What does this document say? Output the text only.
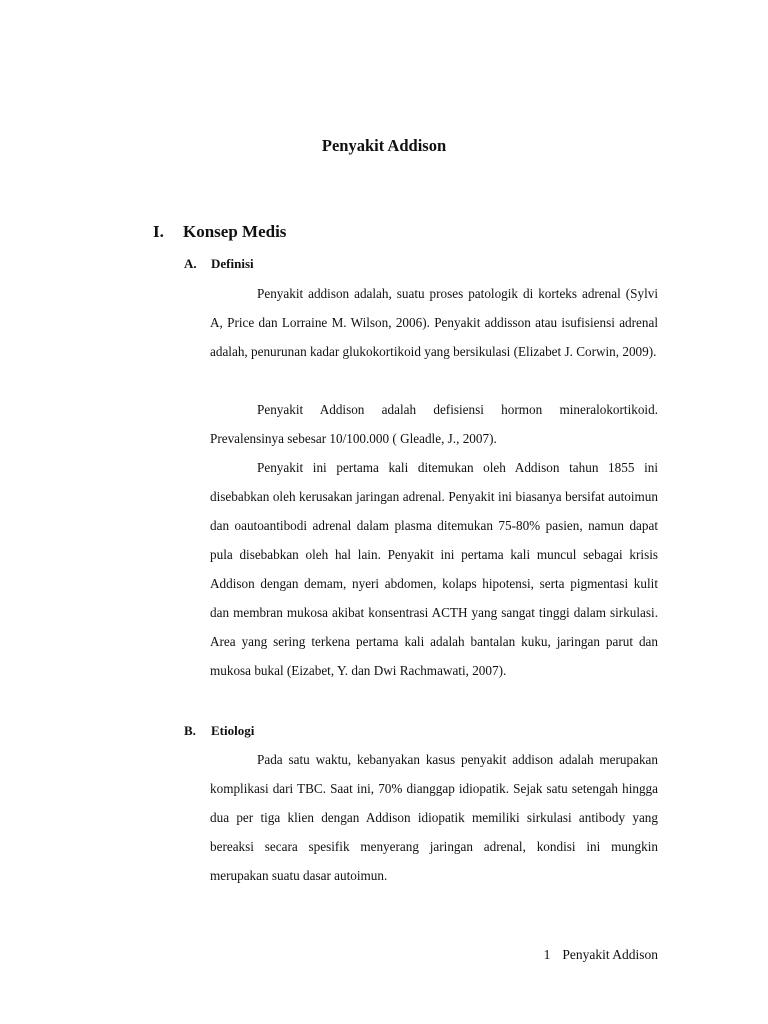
Penyakit Addison
I. Konsep Medis
A. Definisi

Penyakit addison adalah, suatu proses patologik di korteks adrenal (Sylvi A, Price dan Lorraine M. Wilson, 2006). Penyakit addisson atau isufisiensi adrenal adalah, penurunan kadar glukokortikoid yang bersikulasi (Elizabet J. Corwin, 2009).

Penyakit Addison adalah defisiensi hormon mineralokortikoid. Prevalensinya sebesar 10/100.000 ( Gleadle, J., 2007).

Penyakit ini pertama kali ditemukan oleh Addison tahun 1855 ini disebabkan oleh kerusakan jaringan adrenal. Penyakit ini biasanya bersifat autoimun dan oautoantibodi adrenal dalam plasma ditemukan 75-80% pasien, namun dapat pula disebabkan oleh hal lain. Penyakit ini pertama kali muncul sebagai krisis Addison dengan demam, nyeri abdomen, kolaps hipotensi, serta pigmentasi kulit dan membran mukosa akibat konsentrasi ACTH yang sangat tinggi dalam sirkulasi. Area yang sering terkena pertama kali adalah bantalan kuku, jaringan parut dan mukosa bukal (Eizabet, Y. dan Dwi Rachmawati, 2007).

B. Etiologi

Pada satu waktu, kebanyakan kasus penyakit addison adalah merupakan komplikasi dari TBC. Saat ini, 70% dianggap idiopatik. Sejak satu setengah hingga dua per tiga klien dengan Addison idiopatik memiliki sirkulasi antibody yang bereaksi secara spesifik menyerang jaringan adrenal, kondisi ini mungkin merupakan suatu dasar autoimun.

1 Penyakit Addison
